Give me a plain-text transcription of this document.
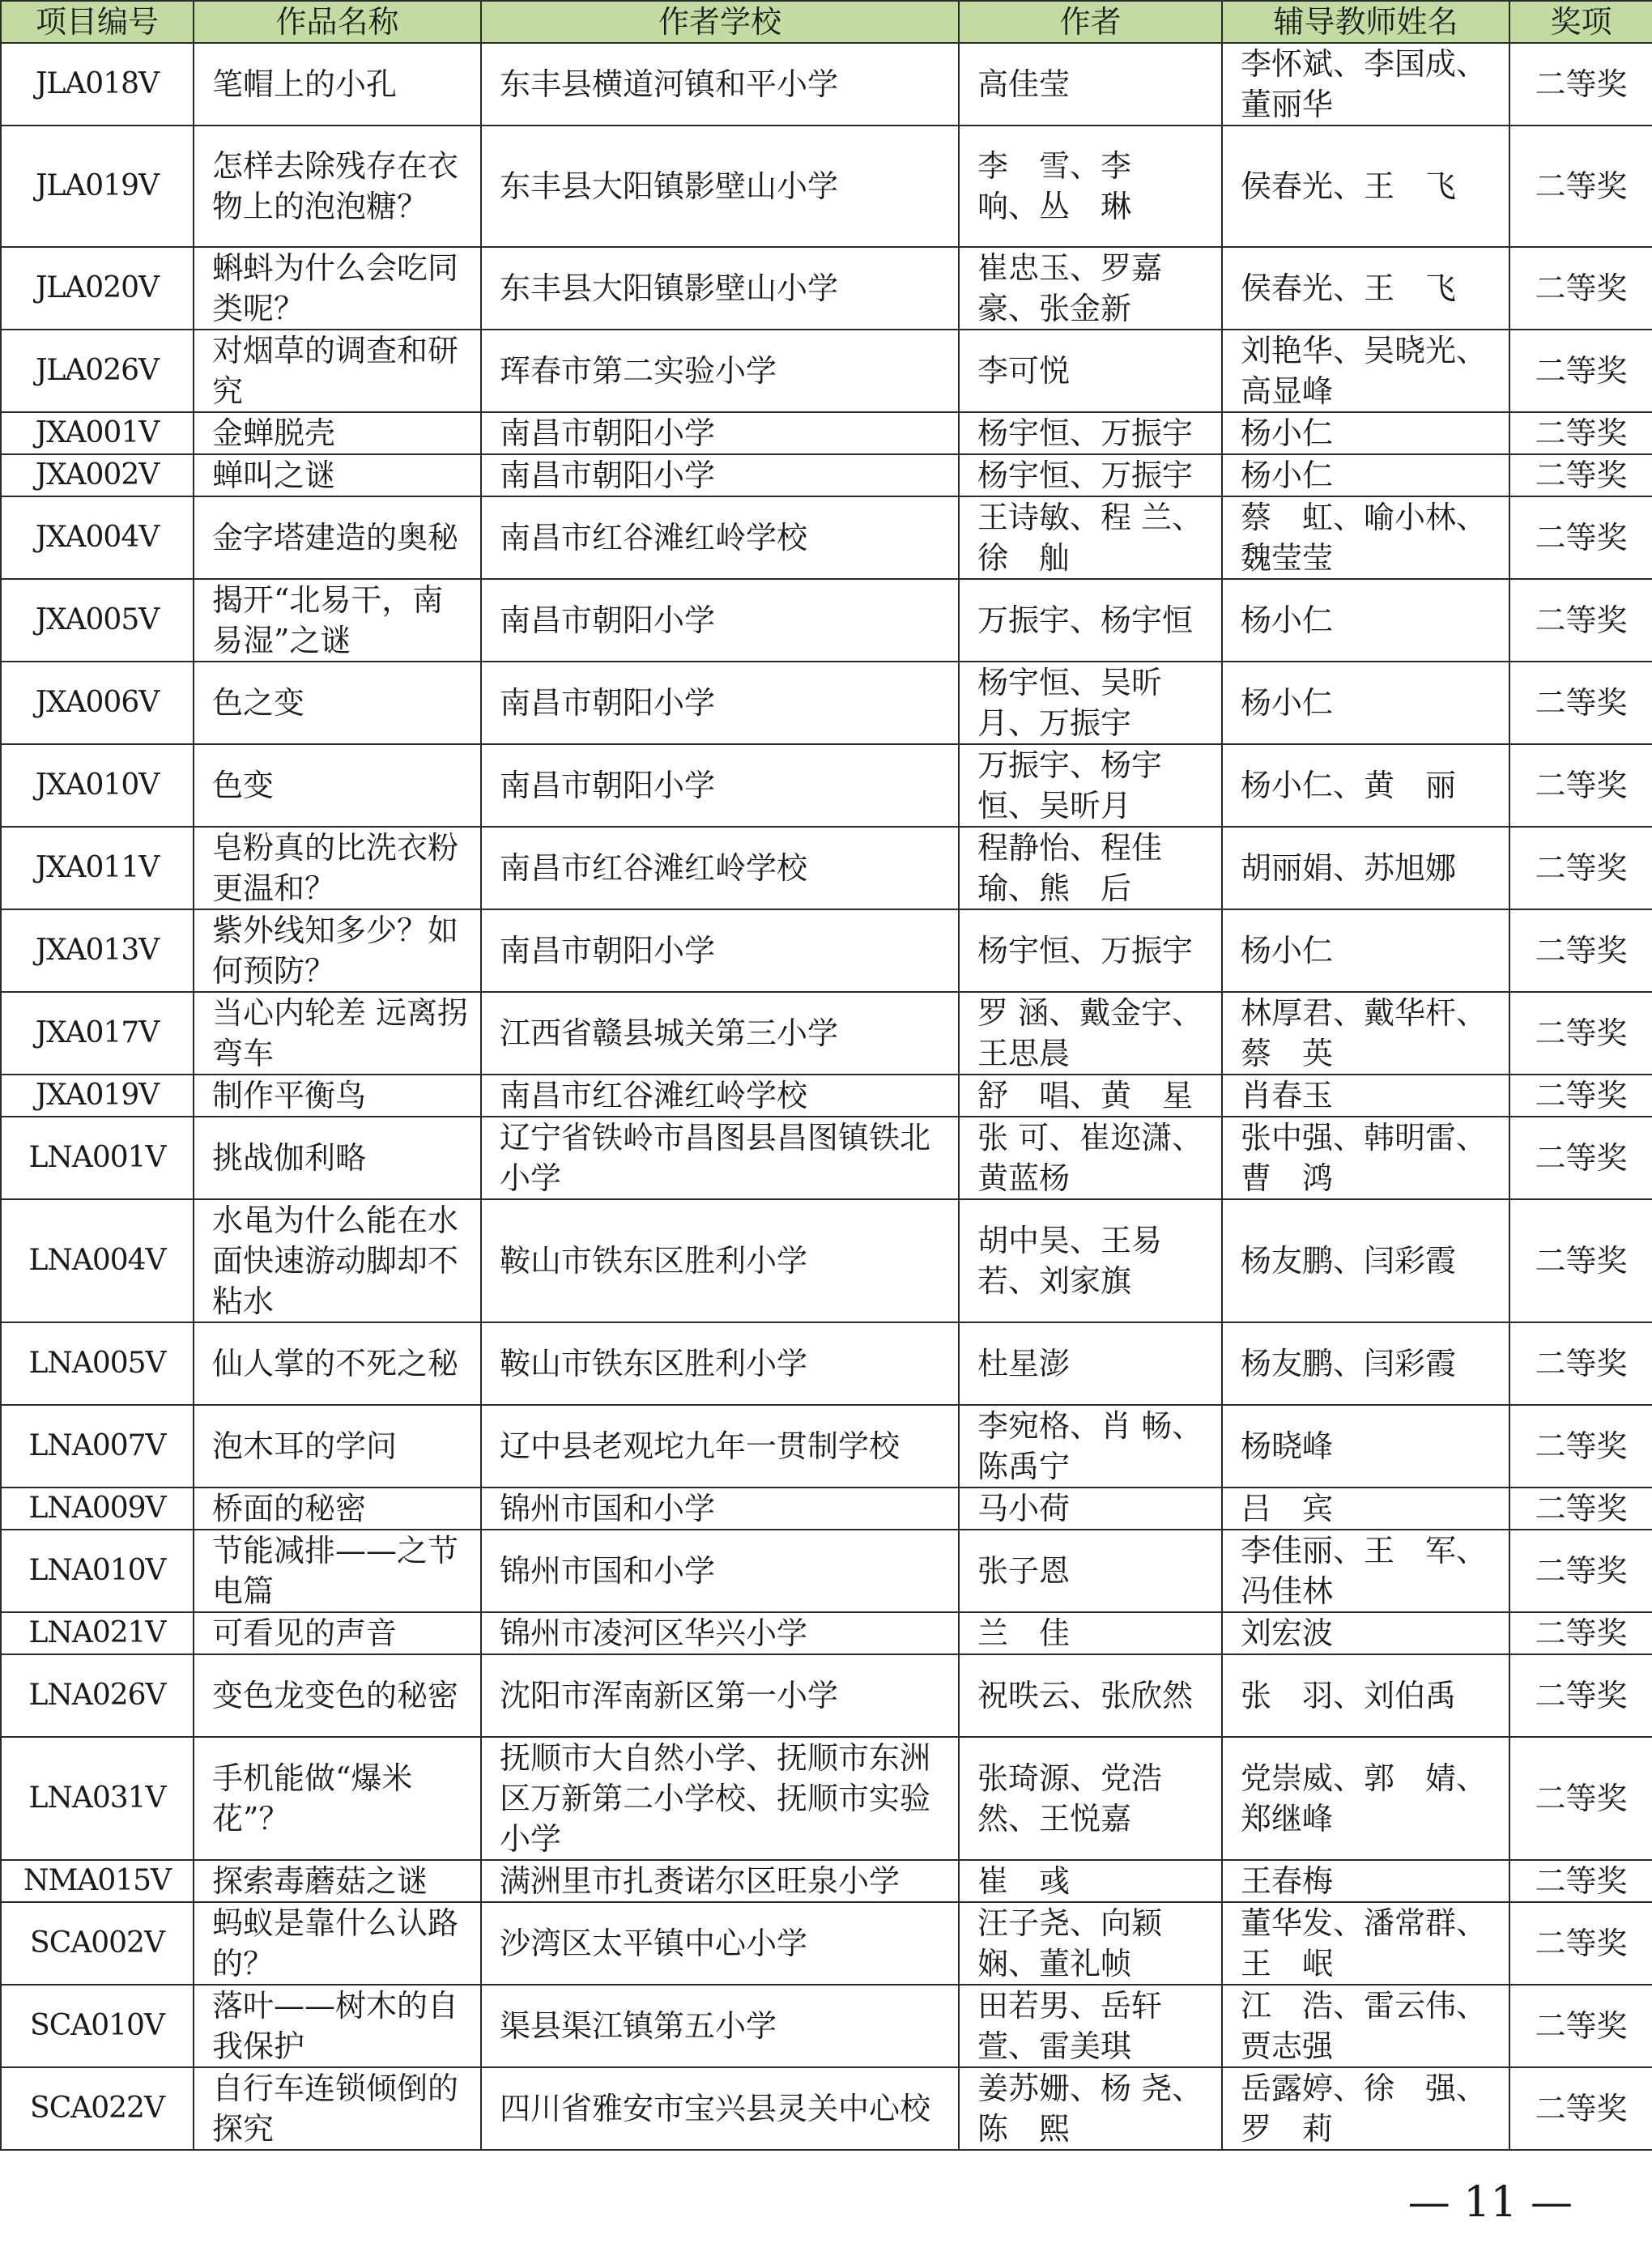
项目编号	作品名称	作者学校	作者	辅导教师姓名	奖项
JLA018V	笔帽上的小孔	东丰县横道河镇和平小学	高佳莹	李怀斌、李国成、董丽华	二等奖
JLA019V	怎样去除残存在衣物上的泡泡糖？	东丰县大阳镇影壁山小学	李　雪、李　响、丛　琳	侯春光、王　飞	二等奖
JLA020V	蝌蚪为什么会吃同类呢？	东丰县大阳镇影壁山小学	崔忠玉、罗嘉豪、张金新	侯春光、王　飞	二等奖
JLA026V	对烟草的调查和研究	珲春市第二实验小学	李可悦	刘艳华、吴晓光、高显峰	二等奖
JXA001V	金蝉脱壳	南昌市朝阳小学	杨宇恒、万振宇	杨小仁	二等奖
JXA002V	蝉叫之谜	南昌市朝阳小学	杨宇恒、万振宇	杨小仁	二等奖
JXA004V	金字塔建造的奥秘	南昌市红谷滩红岭学校	王诗敏、程 兰、徐　舢	蔡　虹、喻小林、魏莹莹	二等奖
JXA005V	揭开“北易干，南易湿”之谜	南昌市朝阳小学	万振宇、杨宇恒	杨小仁	二等奖
JXA006V	色之变	南昌市朝阳小学	杨宇恒、吴昕月、万振宇	杨小仁	二等奖
JXA010V	色变	南昌市朝阳小学	万振宇、杨宇恒、吴昕月	杨小仁、黄　丽	二等奖
JXA011V	皂粉真的比洗衣粉更温和？	南昌市红谷滩红岭学校	程静怡、程佳瑜、熊　后	胡丽娟、苏旭娜	二等奖
JXA013V	紫外线知多少？如何预防？	南昌市朝阳小学	杨宇恒、万振宇	杨小仁	二等奖
JXA017V	当心内轮差 远离拐弯车	江西省赣县城关第三小学	罗 涵、戴金宇、王思晨	林厚君、戴华杆、蔡　英	二等奖
JXA019V	制作平衡鸟	南昌市红谷滩红岭学校	舒　唱、黄　星	肖春玉	二等奖
LNA001V	挑战伽利略	辽宁省铁岭市昌图县昌图镇铁北小学	张 可、崔迩潇、黄蓝杨	张中强、韩明雷、曹　鸿	二等奖
LNA004V	水黾为什么能在水面快速游动脚却不粘水	鞍山市铁东区胜利小学	胡中昊、王易若、刘家旗	杨友鹏、闫彩霞	二等奖
LNA005V	仙人掌的不死之秘	鞍山市铁东区胜利小学	杜星澎	杨友鹏、闫彩霞	二等奖
LNA007V	泡木耳的学问	辽中县老观坨九年一贯制学校	李宛格、肖 畅、陈禹宁	杨晓峰	二等奖
LNA009V	桥面的秘密	锦州市国和小学	马小荷	吕　宾	二等奖
LNA010V	节能减排——之节电篇	锦州市国和小学	张子恩	李佳丽、王　军、冯佳林	二等奖
LNA021V	可看见的声音	锦州市凌河区华兴小学	兰　佳	刘宏波	二等奖
LNA026V	变色龙变色的秘密	沈阳市浑南新区第一小学	祝昳云、张欣然	张　羽、刘伯禹	二等奖
LNA031V	手机能做“爆米花”？	抚顺市大自然小学、抚顺市东洲区万新第二小学校、抚顺市实验小学	张琦源、党浩然、王悦嘉	党崇威、郭　婧、郑继峰	二等奖
NMA015V	探索毒蘑菇之谜	满洲里市扎赉诺尔区旺泉小学	崔　彧	王春梅	二等奖
SCA002V	蚂蚁是靠什么认路的？	沙湾区太平镇中心小学	汪子尧、向颖娴、董礼帧	董华发、潘常群、王　岷	二等奖
SCA010V	落叶——树木的自我保护	渠县渠江镇第五小学	田若男、岳轩萱、雷美琪	江　浩、雷云伟、贾志强	二等奖
SCA022V	自行车连锁倾倒的探究	四川省雅安市宝兴县灵关中心校	姜苏姗、杨 尧、陈　熙	岳露婷、徐　强、罗　莉	二等奖
— 11 —
